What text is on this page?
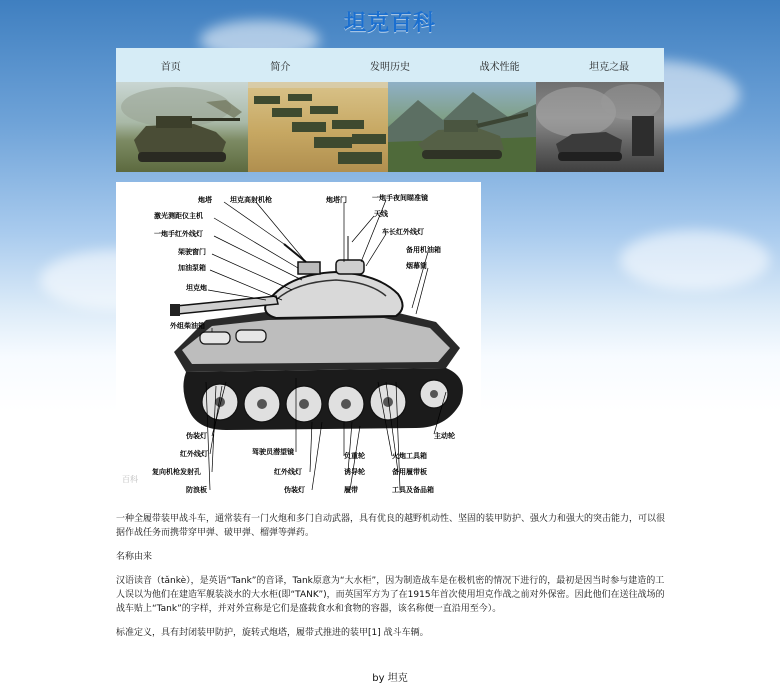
坦克百科
首页	简介	发明历史	战术性能	坦克之最
炮塔	坦克高射机枪	炮塔门	一炮手夜间瞄准镜
天线
车长红外线灯
激光测距仪主机
一炮手红外线灯
架驶窗门
加油泵箱
坦克炮
外组柴油箱
备用机油箱
烟幕筒
主动轮
伪装灯
红外线灯
复向机枪发射孔
防浪板
驾驶员潜望镜
红外线灯
伪装灯
负重轮
诱导轮
履带
火炮工具箱
备用履带板
工具及备品箱
百科

一种全履带装甲战斗车，通常装有一门火炮和多门自动武器，具有优良的越野机动性、坚固的装甲防护、强火力和强大的突击能力，可以很据作战任务而携带穿甲弹、破甲弹、榴弹等弹药。

名称由来

汉语读音（tǎnkè），是英语“Tank”的音译，Tank原意为“大水柜”，因为制造战车是在极机密的情况下进行的，最初是因当时参与建造的工人误以为他们在建造军舰装淡水的大水柜(即“TANK”)，而英国军方为了在1915年首次使用坦克作战之前对外保密。因此他们在送往战场的战车贴上“Tank”的字样，并对外宣称是它们是盛载食水和食物的容器，该名称便一直沿用至今）。

标准定义，具有封闭装甲防护，旋转式炮塔，履带式推进的装甲[1] 战斗车辆。

by 坦克
